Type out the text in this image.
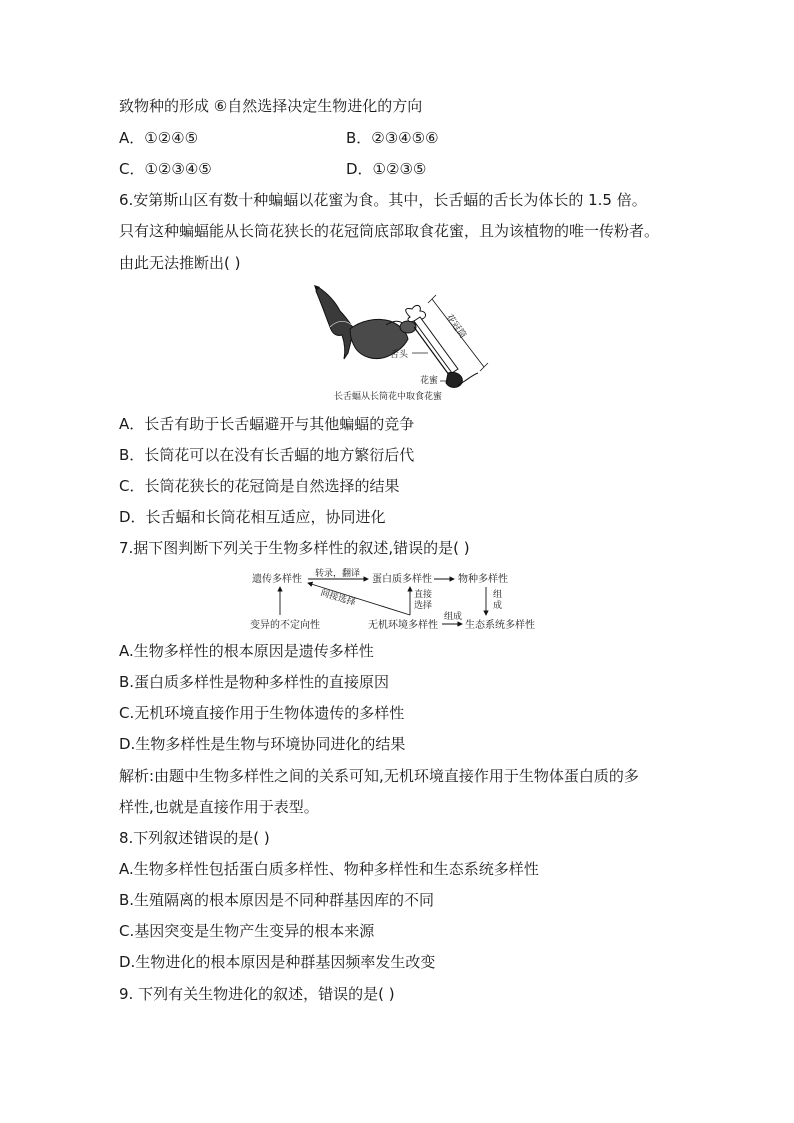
致物种的形成 ⑥自然选择决定生物进化的方向
A．①②④⑤	B．②③④⑤⑥
C．①②③④⑤	D．①②③⑤
6.安第斯山区有数十种蝙蝠以花蜜为食。其中，长舌蝠的舌长为体长的 1.5 倍。
只有这种蝙蝠能从长筒花狭长的花冠筒底部取食花蜜，且为该植物的唯一传粉者。
由此无法推断出( )
花冠筒
舌头
花蜜
长舌蝠从长筒花中取食花蜜
A．长舌有助于长舌蝠避开与其他蝙蝠的竞争
B．长筒花可以在没有长舌蝠的地方繁衍后代
C．长筒花狭长的花冠筒是自然选择的结果
D．长舌蝠和长筒花相互适应，协同进化
7.据下图判断下列关于生物多样性的叙述,错误的是( )
遗传多样性 转录，翻译 蛋白质多样性	物种多样性
间接选择	直接
选择
组
成
变异的不定向性	无机环境多样性
组成
生态系统多样性
A.生物多样性的根本原因是遗传多样性
B.蛋白质多样性是物种多样性的直接原因
C.无机环境直接作用于生物体遗传的多样性
D.生物多样性是生物与环境协同进化的结果
解析:由题中生物多样性之间的关系可知,无机环境直接作用于生物体蛋白质的多
样性,也就是直接作用于表型。
8.下列叙述错误的是( )
A.生物多样性包括蛋白质多样性、物种多样性和生态系统多样性
B.生殖隔离的根本原因是不同种群基因库的不同
C.基因突变是生物产生变异的根本来源
D.生物进化的根本原因是种群基因频率发生改变
9. 下列有关生物进化的叙述，错误的是( )
